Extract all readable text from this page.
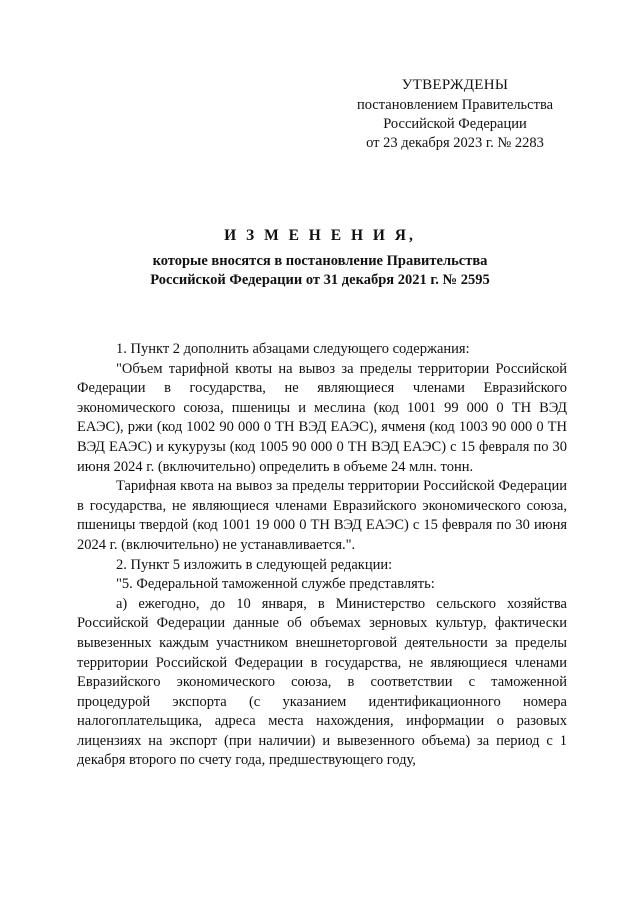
УТВЕРЖДЕНЫ
постановлением Правительства
Российской Федерации
от 23 декабря 2023 г. № 2283
И З М Е Н Е Н И Я,
которые вносятся в постановление Правительства
Российской Федерации от 31 декабря 2021 г. № 2595

1. Пункт 2 дополнить абзацами следующего содержания:

"Объем тарифной квоты на вывоз за пределы территории Российской Федерации в государства, не являющиеся членами Евразийского экономического союза, пшеницы и меслина (код 1001 99 000 0 ТН ВЭД ЕАЭС), ржи (код 1002 90 000 0 ТН ВЭД ЕАЭС), ячменя (код 1003 90 000 0 ТН ВЭД ЕАЭС) и кукурузы (код 1005 90 000 0 ТН ВЭД ЕАЭС) с 15 февраля по 30 июня 2024 г. (включительно) определить в объеме 24 млн. тонн.

Тарифная квота на вывоз за пределы территории Российской Федерации в государства, не являющиеся членами Евразийского экономического союза, пшеницы твердой (код 1001 19 000 0 ТН ВЭД ЕАЭС) с 15 февраля по 30 июня 2024 г. (включительно) не устанавливается.".

2. Пункт 5 изложить в следующей редакции:

"5. Федеральной таможенной службе представлять:

а) ежегодно, до 10 января, в Министерство сельского хозяйства Российской Федерации данные об объемах зерновых культур, фактически вывезенных каждым участником внешнеторговой деятельности за пределы территории Российской Федерации в государства, не являющиеся членами Евразийского экономического союза, в соответствии с таможенной процедурой экспорта (с указанием идентификационного номера налогоплательщика, адреса места нахождения, информации о разовых лицензиях на экспорт (при наличии) и вывезенного объема) за период с 1 декабря второго по счету года, предшествующего году,
